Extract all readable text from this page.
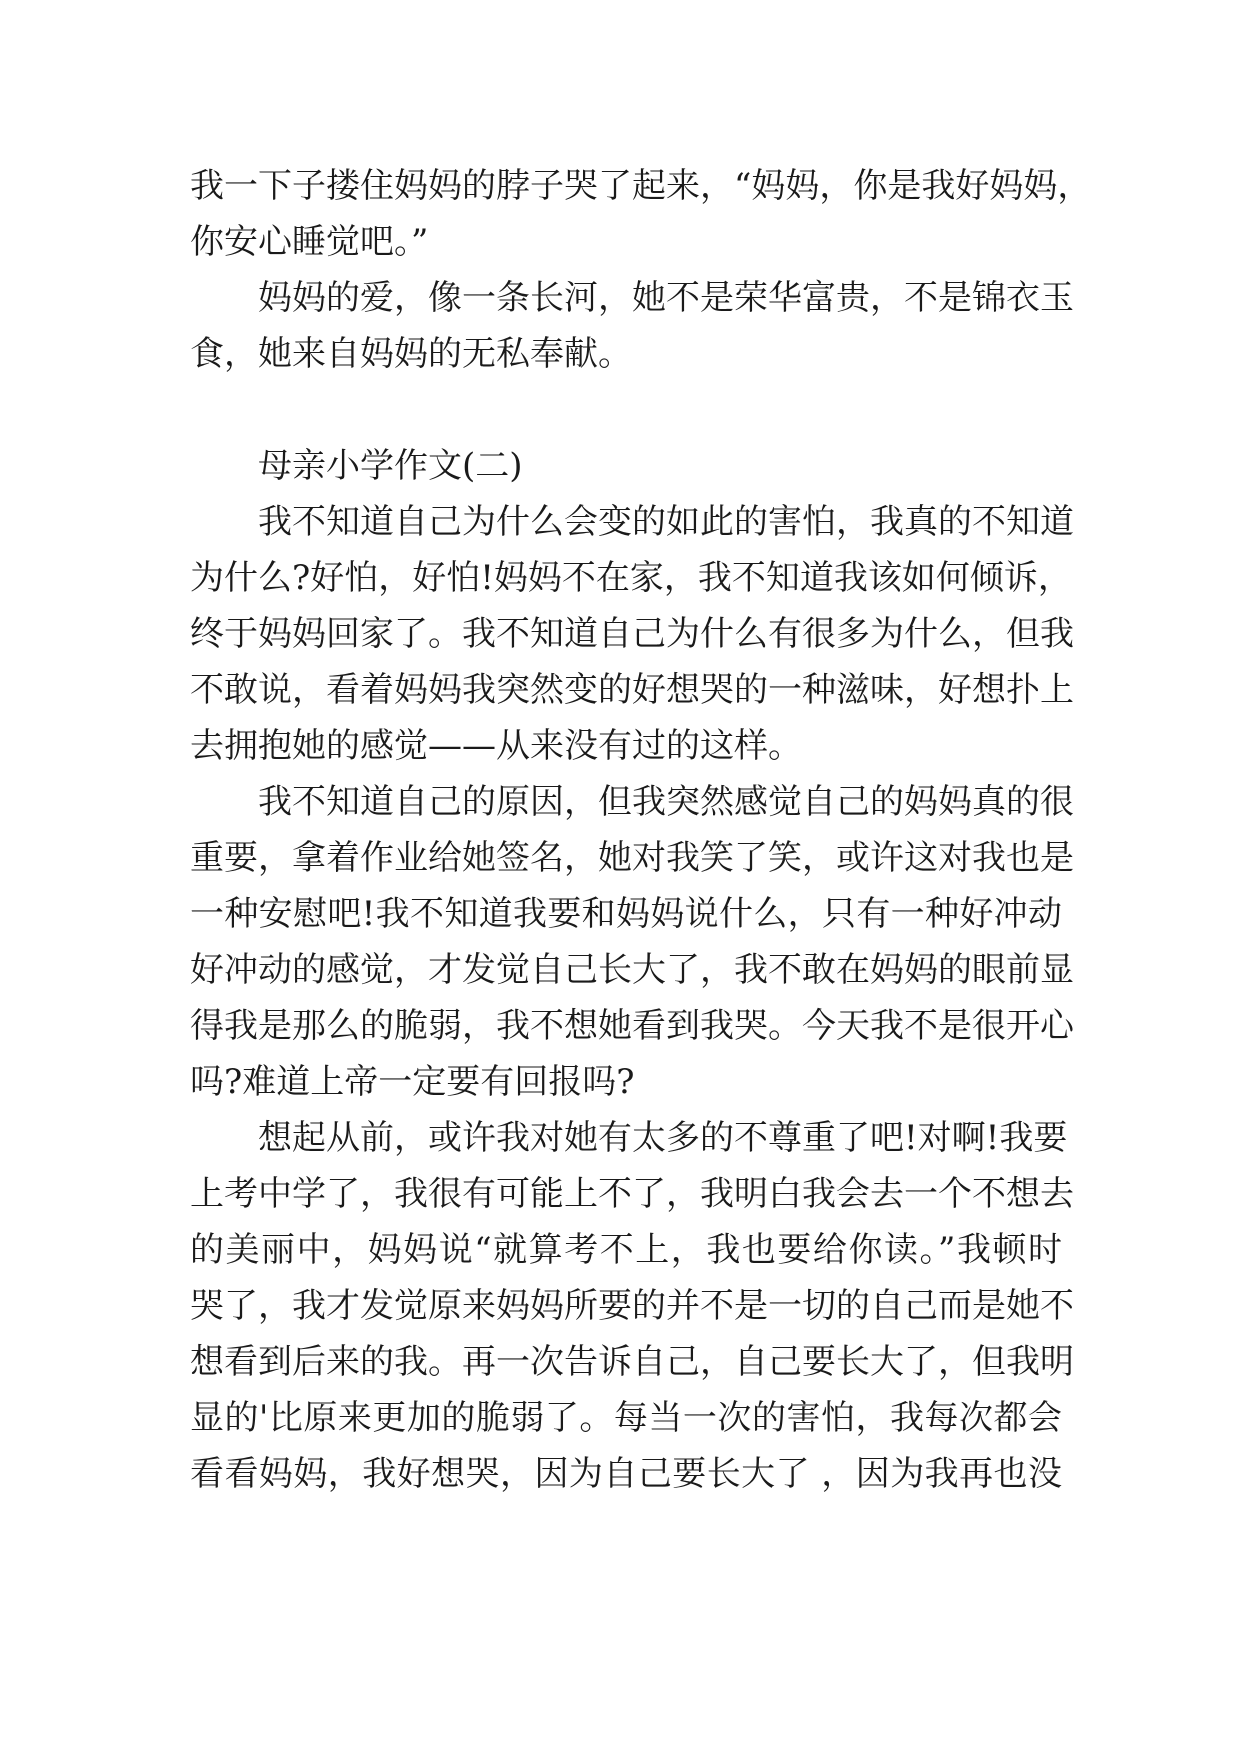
我一下子搂住妈妈的脖子哭了起来，“妈妈，你是我好妈妈，
你安心睡觉吧。”
妈妈的爱，像一条长河，她不是荣华富贵，不是锦衣玉
食，她来自妈妈的无私奉献。
母亲小学作文(二)
我不知道自己为什么会变的如此的害怕，我真的不知道
为什么?好怕，好怕!妈妈不在家，我不知道我该如何倾诉，
终于妈妈回家了。我不知道自己为什么有很多为什么，但我
不敢说，看着妈妈我突然变的好想哭的一种滋味，好想扑上
去拥抱她的感觉——从来没有过的这样。
我不知道自己的原因，但我突然感觉自己的妈妈真的很
重要，拿着作业给她签名，她对我笑了笑，或许这对我也是
一种安慰吧!我不知道我要和妈妈说什么，只有一种好冲动
好冲动的感觉，才发觉自己长大了，我不敢在妈妈的眼前显
得我是那么的脆弱，我不想她看到我哭。今天我不是很开心
吗?难道上帝一定要有回报吗?
想起从前，或许我对她有太多的不尊重了吧!对啊!我要
上考中学了，我很有可能上不了，我明白我会去一个不想去
的美丽中，妈妈说“就算考不上，我也要给你读。”我顿时
哭了，我才发觉原来妈妈所要的并不是一切的自己而是她不
想看到后来的我。再一次告诉自己，自己要长大了，但我明
显的'比原来更加的脆弱了。每当一次的害怕，我每次都会
看看妈妈，我好想哭，因为自己要长大了 ，因为我再也没
